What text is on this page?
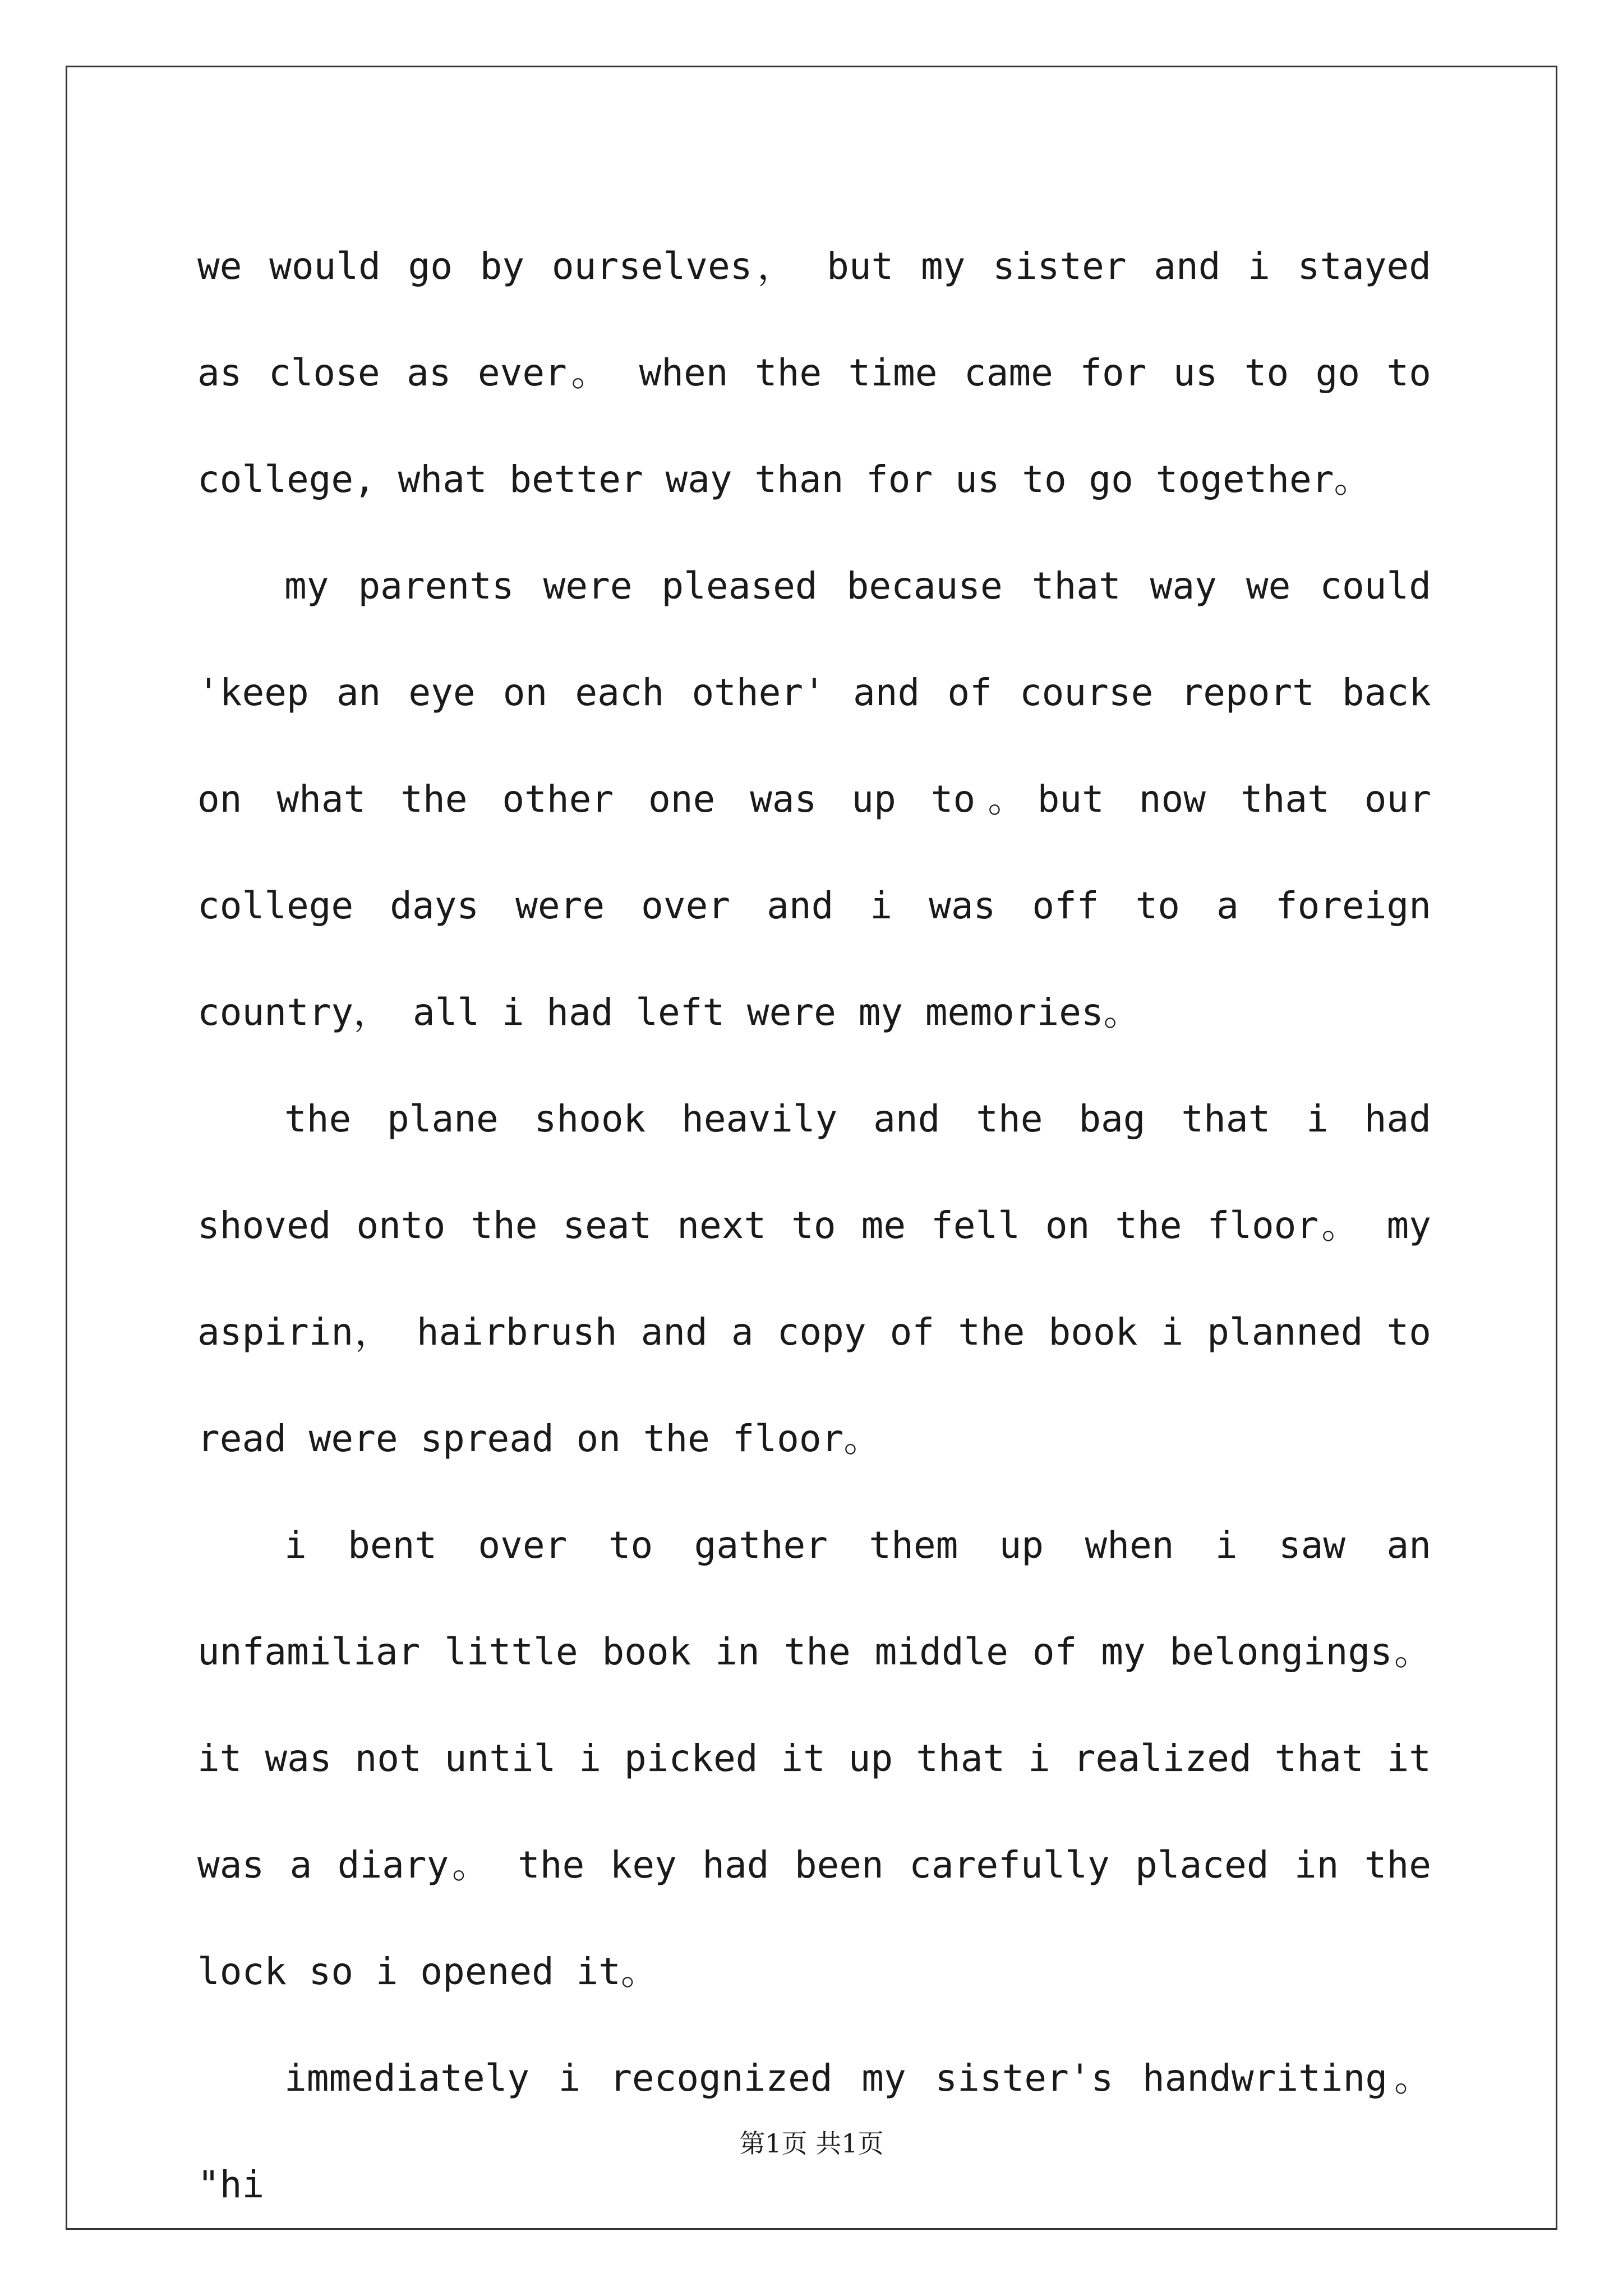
we would go by ourselves， but my sister and i stayed as close as ever。 when the time came for us to go to college, what better way than for us to go together。

my parents were pleased because that way we could 'keep an eye on each other' and of course report back on what the other one was up to。but now that our college days were over and i was off to a foreign country， all i had left were my memories。

the plane shook heavily and the bag that i had shoved onto the seat next to me fell on the floor。 my aspirin， hairbrush and a copy of the book i planned to read were spread on the floor。

i bent over to gather them up when i saw an unfamiliar little book in the middle of my belongings。it was not until i picked it up that i realized that it was a diary。 the key had been carefully placed in the lock so i opened it。

immediately i recognized my sister's handwriting。 "hi

第1页 共1页
